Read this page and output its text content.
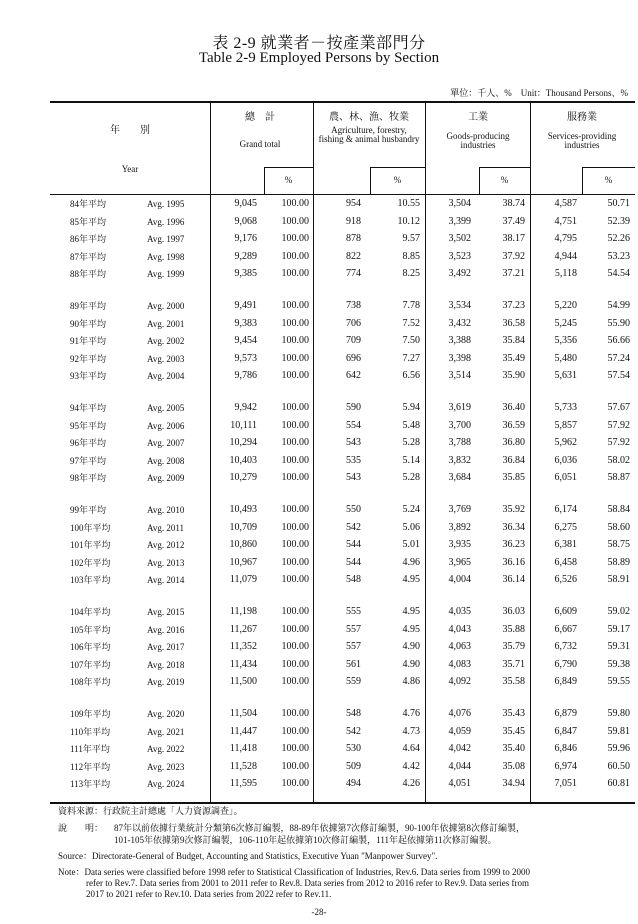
表 2-9 就業者－按產業部門分
Table 2-9 Employed Persons by Section
單位：千人、%　Unit：Thousand Persons、%
年　　別
Year
總　計
Grand total
農、林、漁、牧業
Agriculture, forestry, fishing & animal husbandry
工業
Goods-producing industries
服務業
Services-providing industries
%	%	%	%
84年平均	Avg. 1995	9,045 100.00	954	10.55	3,504	38.74	4,587	50.71
85年平均	Avg. 1996	9,068 100.00	918	10.12	3,399	37.49	4,751	52.39
86年平均	Avg. 1997	9,176 100.00	878	9.57	3,502	38.17	4,795	52.26
87年平均	Avg. 1998	9,289 100.00	822	8.85	3,523	37.92	4,944	53.23
88年平均	Avg. 1999	9,385 100.00	774	8.25	3,492	37.21	5,118	54.54
89年平均	Avg. 2000	9,491 100.00	738	7.78	3,534	37.23	5,220	54.99
90年平均	Avg. 2001	9,383 100.00	706	7.52	3,432	36.58	5,245	55.90
91年平均	Avg. 2002	9,454 100.00	709	7.50	3,388	35.84	5,356	56.66
92年平均	Avg. 2003	9,573 100.00	696	7.27	3,398	35.49	5,480	57.24
93年平均	Avg. 2004	9,786 100.00	642	6.56	3,514	35.90	5,631	57.54
94年平均	Avg. 2005	9,942 100.00	590	5.94	3,619	36.40	5,733	57.67
95年平均	Avg. 2006	10,111 100.00	554	5.48	3,700	36.59	5,857	57.92
96年平均	Avg. 2007	10,294 100.00	543	5.28	3,788	36.80	5,962	57.92
97年平均	Avg. 2008	10,403 100.00	535	5.14	3,832	36.84	6,036	58.02
98年平均	Avg. 2009	10,279 100.00	543	5.28	3,684	35.85	6,051	58.87
99年平均	Avg. 2010	10,493 100.00	550	5.24	3,769	35.92	6,174	58.84
100年平均	Avg. 2011	10,709 100.00	542	5.06	3,892	36.34	6,275	58.60
101年平均	Avg. 2012	10,860 100.00	544	5.01	3,935	36.23	6,381	58.75
102年平均	Avg. 2013	10,967 100.00	544	4.96	3,965	36.16	6,458	58.89
103年平均	Avg. 2014	11,079 100.00	548	4.95	4,004	36.14	6,526	58.91
104年平均	Avg. 2015	11,198 100.00	555	4.95	4,035	36.03	6,609	59.02
105年平均	Avg. 2016	11,267 100.00	557	4.95	4,043	35.88	6,667	59.17
106年平均	Avg. 2017	11,352 100.00	557	4.90	4,063	35.79	6,732	59.31
107年平均	Avg. 2018	11,434 100.00	561	4.90	4,083	35.71	6,790	59.38
108年平均	Avg. 2019	11,500 100.00	559	4.86	4,092	35.58	6,849	59.55
109年平均	Avg. 2020	11,504 100.00	548	4.76	4,076	35.43	6,879	59.80
110年平均	Avg. 2021	11,447 100.00	542	4.73	4,059	35.45	6,847	59.81
111年平均	Avg. 2022	11,418 100.00	530	4.64	4,042	35.40	6,846	59.96
112年平均	Avg. 2023	11,528 100.00	509	4.42	4,044	35.08	6,974	60.50
113年平均	Avg. 2024	11,595 100.00	494	4.26	4,051	34.94	7,051	60.81
資料來源：行政院主計總處「人力資源調查」。
說　　明： 87年以前依據行業統計分類第6次修訂編製，88-89年依據第7次修訂編製，90-100年依據第8次修訂編製，
101-105年依據第9次修訂編製，106-110年起依據第10次修訂編製，111年起依據第11次修訂編製。
Source：Directorate-General of Budget, Accounting and Statistics, Executive Yuan "Manpower Survey".
Note：Data series were classified before 1998 refer to Statistical Classification of Industries, Rev.6. Data series from 1999 to 2000
refer to Rev.7. Data series from 2001 to 2011 refer to Rev.8. Data series from 2012 to 2016 refer to Rev.9. Data series from
2017 to 2021 refer to Rev.10. Data series from 2022 refer to Rev.11.
-28-
